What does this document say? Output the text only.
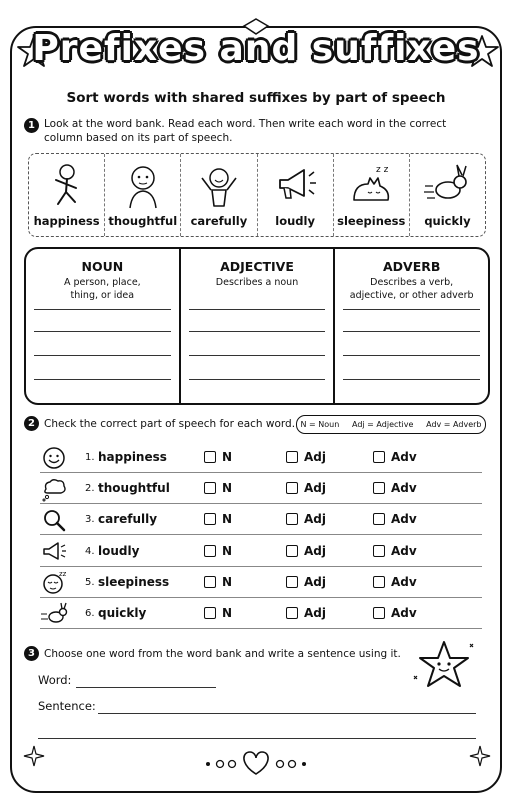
Prefixes and suffixes
Sort words with shared suffixes by part of speech
1 Look at the word bank. Read each word. Then write each word in the correct
column based on its part of speech.
happiness thoughtful	carefully	loudly
z z
sleepiness	quickly
NOUN
A person, place,
thing, or idea
ADJECTIVE
Describes a noun
ADVERB
Describes a verb,
adjective, or other adverb
2 Check the correct part of speech for each word. N = Noun     Adj = Adjective     Adv = Adverb
1. happiness	N	Adj	Adv
2. thoughtful	N	Adj	Adv
3. carefully	N	Adj	Adv
4. loudly	N	Adj	Adv
zz
5. sleepiness	N	Adj	Adv
6. quickly	N	Adj	Adv
3 Choose one word from the word bank and write a sentence using it.
Word:
Sentence:
